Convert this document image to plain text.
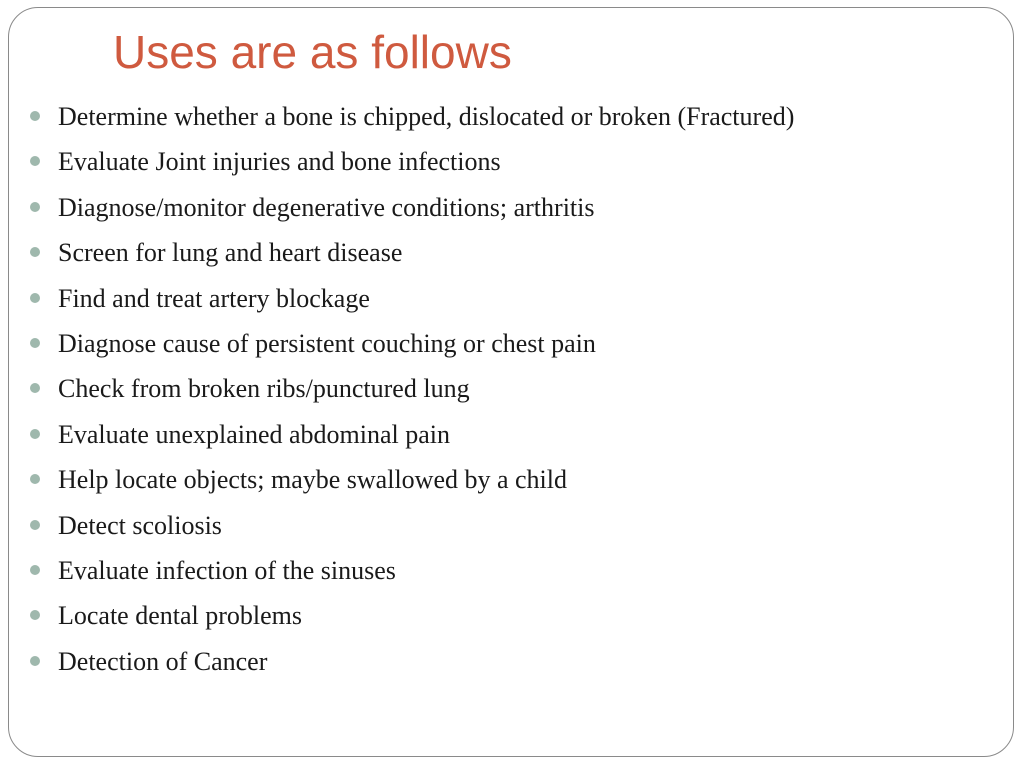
Uses are as follows
Determine whether a bone is chipped, dislocated or broken (Fractured)
Evaluate Joint injuries and bone infections
Diagnose/monitor degenerative conditions; arthritis
Screen for lung and heart disease
Find and treat artery blockage
Diagnose cause of persistent couching or chest pain
Check from broken ribs/punctured lung
Evaluate unexplained abdominal pain
Help locate objects; maybe swallowed by a child
Detect scoliosis
Evaluate infection of the sinuses
Locate dental problems
Detection of Cancer
